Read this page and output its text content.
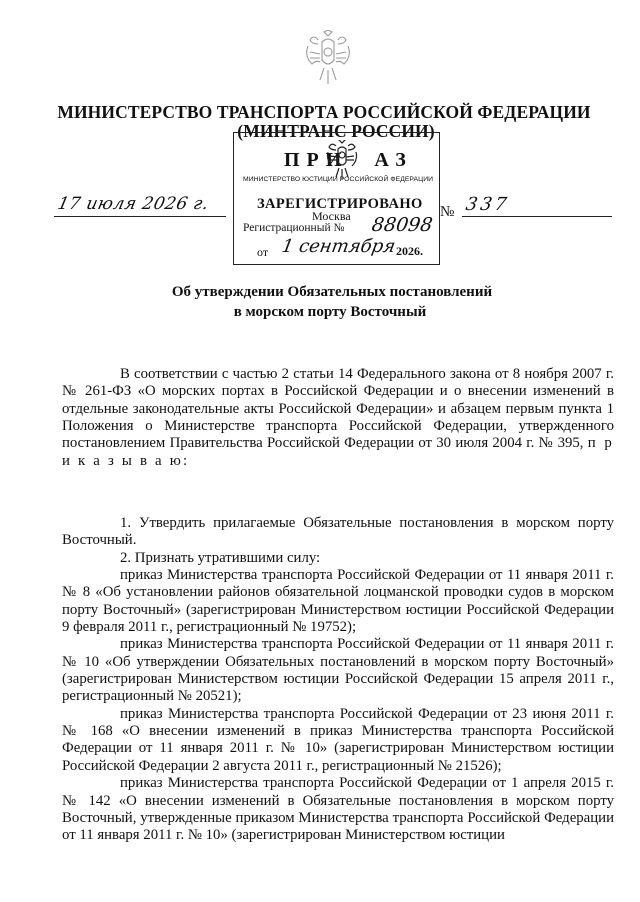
МИНИСТЕРСТВО ТРАНСПОРТА РОССИЙСКОЙ ФЕДЕРАЦИИ
(МИНТРАНС РОССИИ)
ПРИ АЗ
МИНИСТЕРСТВО ЮСТИЦИИ РОССИЙСКОЙ ФЕДЕРАЦИИ
ЗАРЕГИСТРИРОВАНО
Москва
Регистрационный № 88098
от 1 сентября
2026.
17 июля 2026 г.	№ 337
Об утверждении Обязательных постановлений
в морском порту Восточный

В соответствии с частью 2 статьи 14 Федерального закона от 8 ноября 2007 г. № 261-ФЗ «О морских портах в Российской Федерации и о внесении изменений в отдельные законодательные акты Российской Федерации» и абзацем первым пункта 1 Положения о Министерстве транспорта Российской Федерации, утвержденного постановлением Правительства Российской Федерации от 30 июля 2004 г. № 395, п р и к а з ы в а ю:

1. Утвердить прилагаемые Обязательные постановления в морском порту Восточный.

2. Признать утратившими силу:

приказ Министерства транспорта Российской Федерации от 11 января 2011 г. № 8 «Об установлении районов обязательной лоцманской проводки судов в морском порту Восточный» (зарегистрирован Министерством юстиции Российской Федерации 9 февраля 2011 г., регистрационный № 19752);

приказ Министерства транспорта Российской Федерации от 11 января 2011 г. № 10 «Об утверждении Обязательных постановлений в морском порту Восточный» (зарегистрирован Министерством юстиции Российской Федерации 15 апреля 2011 г., регистрационный № 20521);

приказ Министерства транспорта Российской Федерации от 23 июня 2011 г. № 168 «О внесении изменений в приказ Министерства транспорта Российской Федерации от 11 января 2011 г. № 10» (зарегистрирован Министерством юстиции Российской Федерации 2 августа 2011 г., регистрационный № 21526);

приказ Министерства транспорта Российской Федерации от 1 апреля 2015 г. № 142 «О внесении изменений в Обязательные постановления в морском порту Восточный, утвержденные приказом Министерства транспорта Российской Федерации от 11 января 2011 г. № 10» (зарегистрирован Министерством юстиции
